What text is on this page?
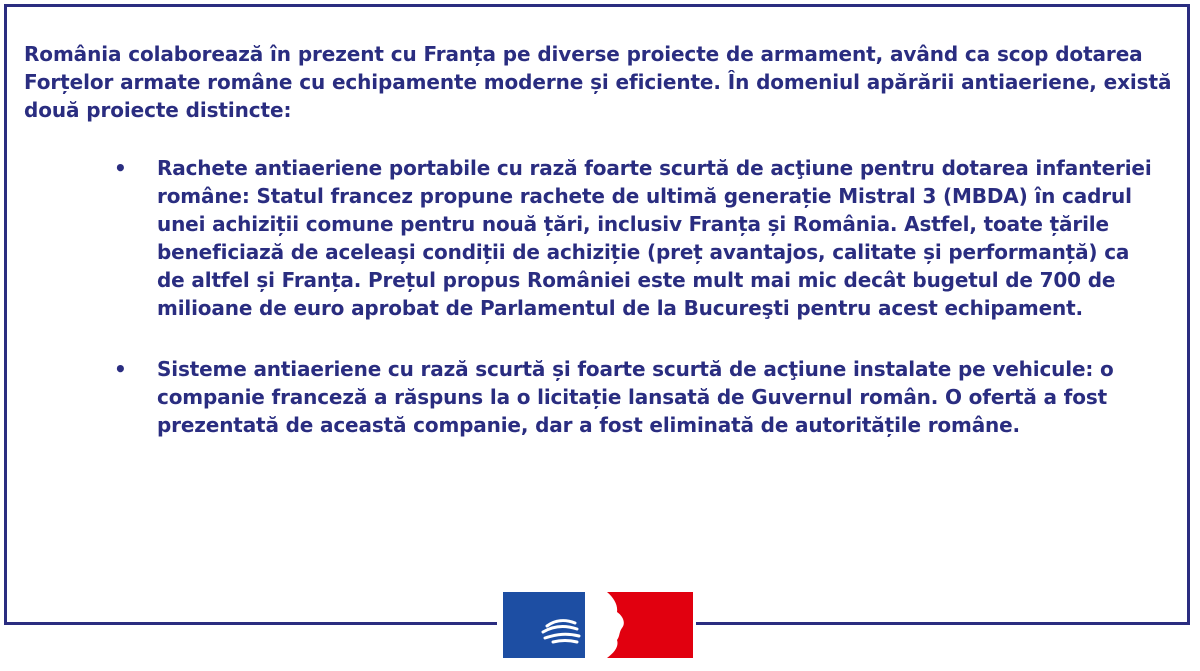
România colaborează în prezent cu Franța pe diverse proiecte de armament, având ca scop dotarea Forțelor armate române cu echipamente moderne și eficiente. În domeniul apărării antiaeriene, există două proiecte distincte:

• Rachete antiaeriene portabile cu rază foarte scurtă de acţiune pentru dotarea infanteriei române: Statul francez propune rachete de ultimă generație Mistral 3 (MBDA) în cadrul unei achiziții comune pentru nouă țări, inclusiv Franța și România. Astfel, toate țările beneficiază de aceleași condiții de achiziție (preț avantajos, calitate și performanță) ca de altfel și Franța. Prețul propus României este mult mai mic decât bugetul de 700 de milioane de euro aprobat de Parlamentul de la Bucureşti pentru acest echipament.
• Sisteme antiaeriene cu rază scurtă și foarte scurtă de acţiune instalate pe vehicule: o companie franceză a răspuns la o licitație lansată de Guvernul român. O ofertă a fost prezentată de această companie, dar a fost eliminată de autoritățile române.
